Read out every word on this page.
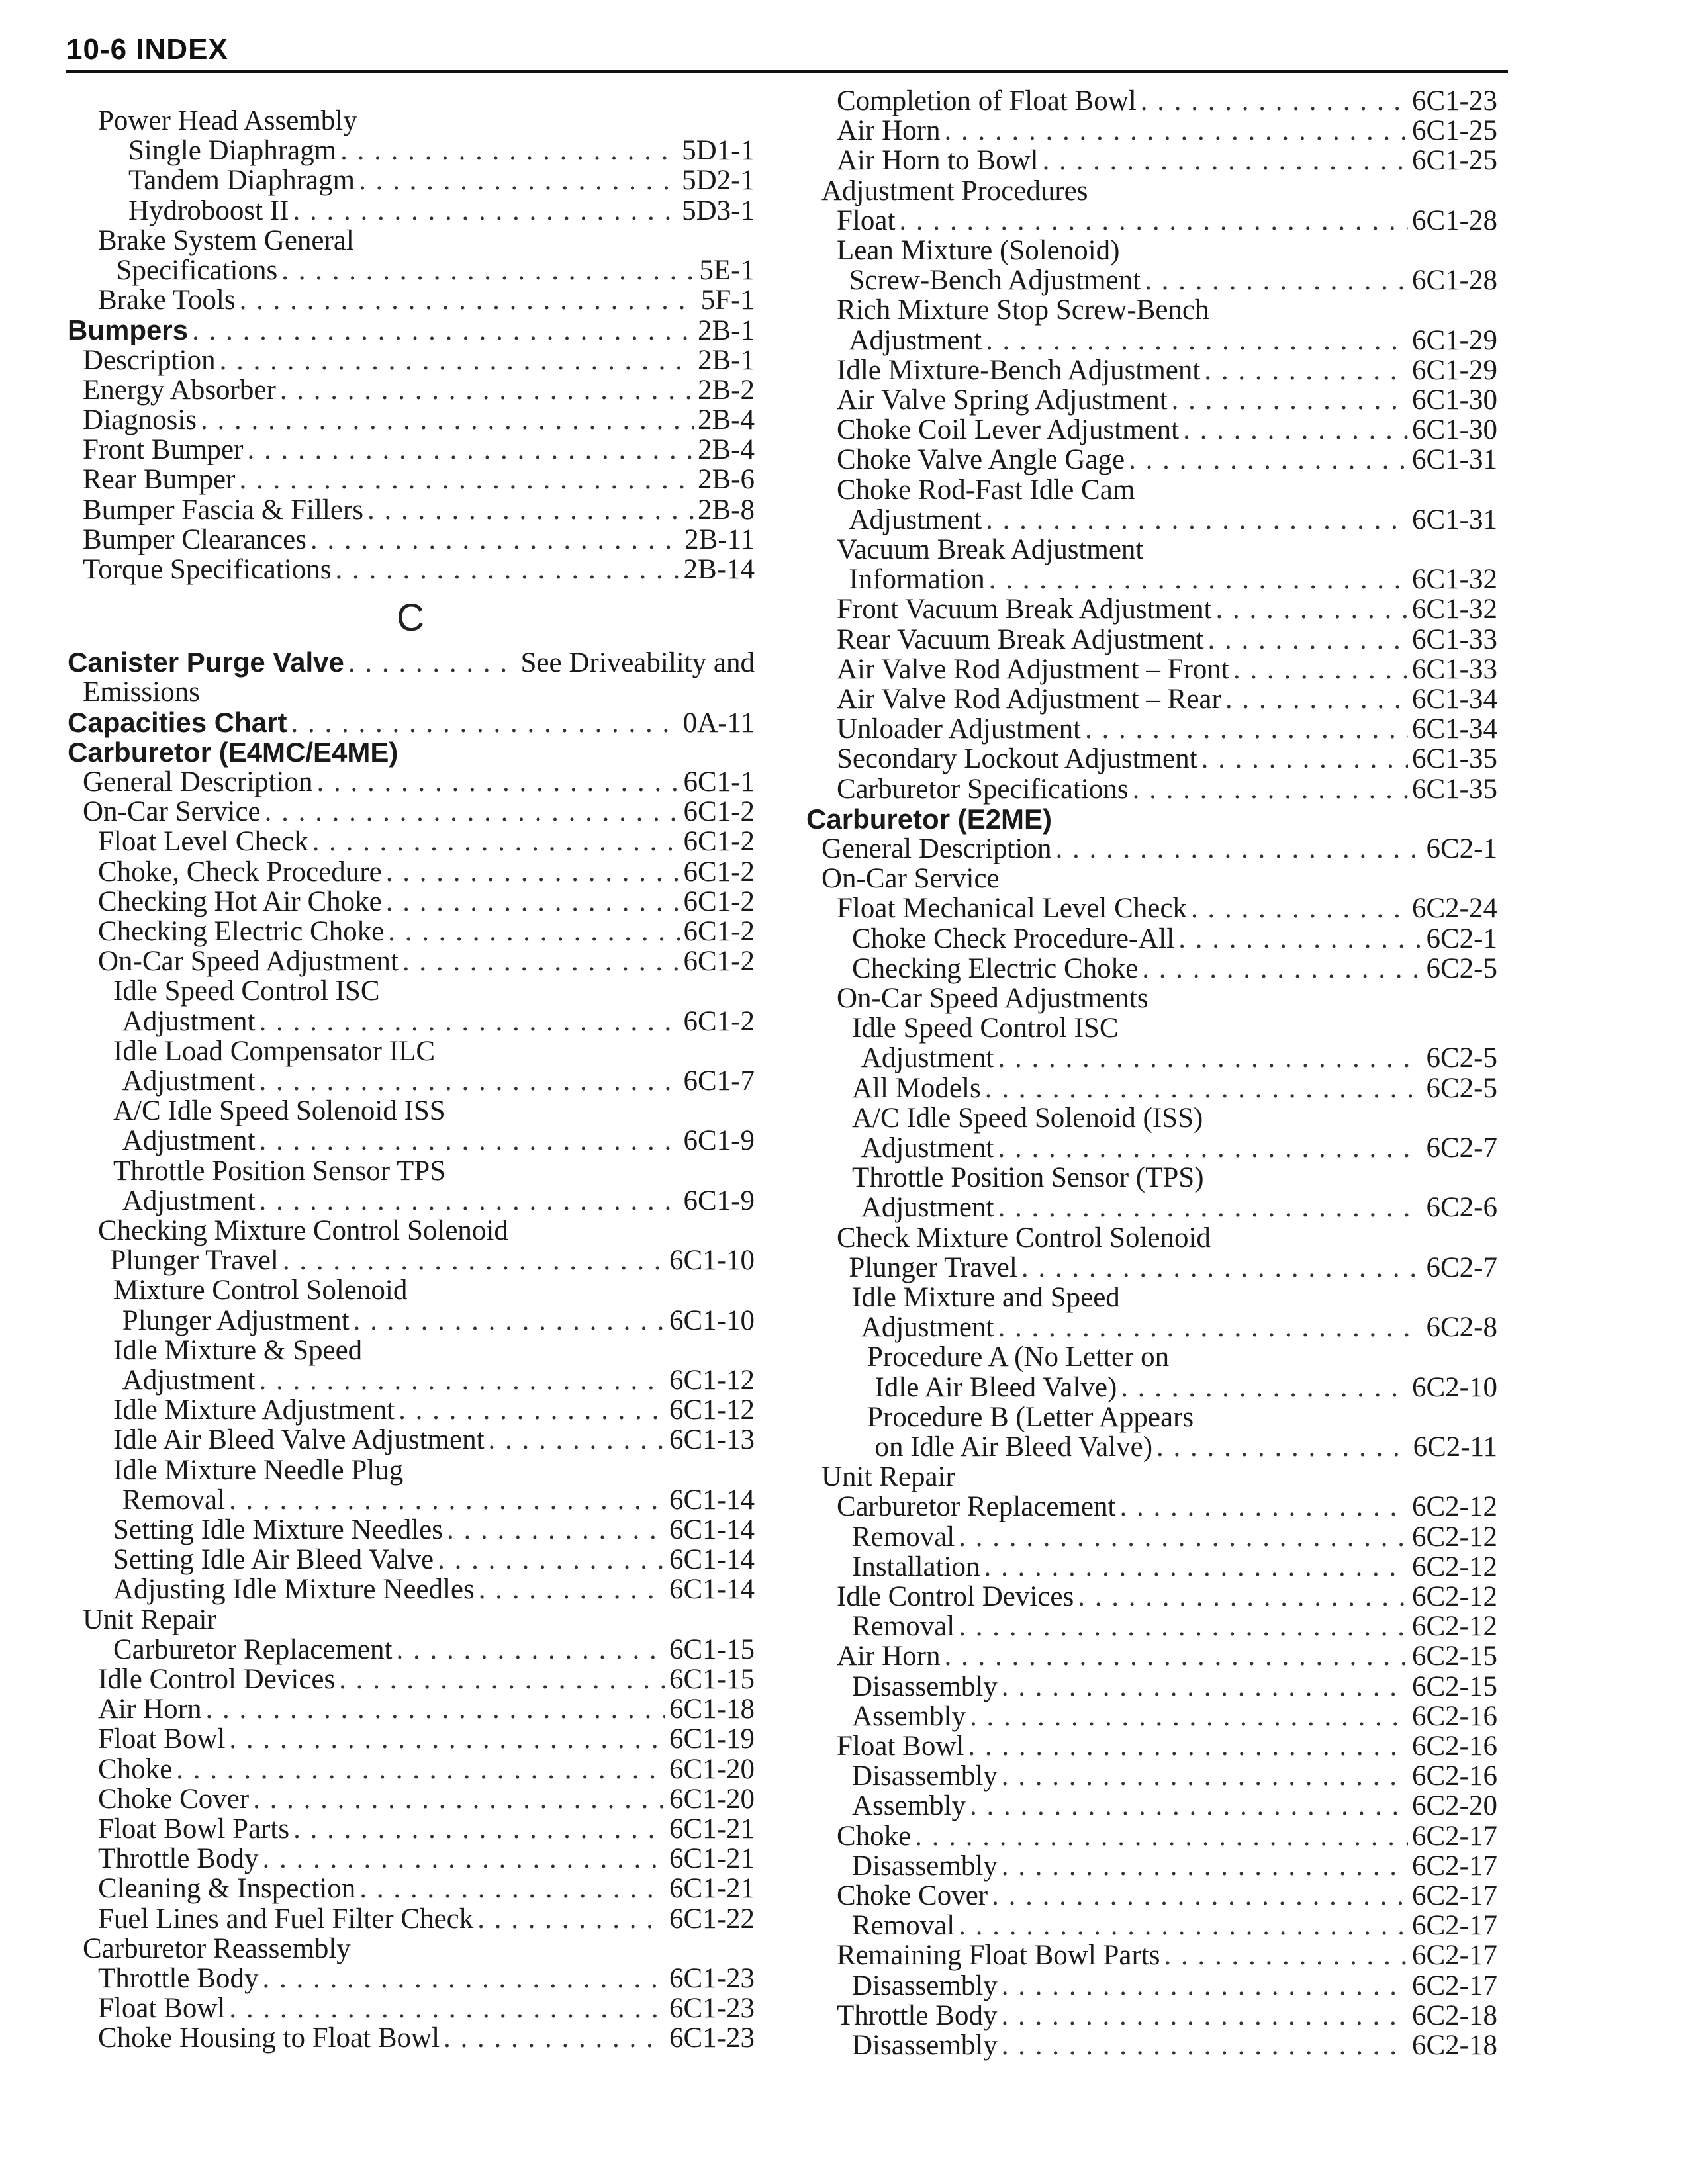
10-6 INDEX
Power Head Assembly
Single Diaphragm . . .	5D1-1
Tandem Diaphragm . . .	5D2-1
Hydroboost II . . .	5D3-1
Brake System General
Specifications . . .	5E-1
Brake Tools . . .	5F-1
Bumpers . . .	2B-1
Description . . .	2B-1
Energy Absorber . . .	2B-2
Diagnosis . . .	2B-4
Front Bumper . . .	2B-4
Rear Bumper . . .	2B-6
Bumper Fascia & Fillers . . .	2B-8
Bumper Clearances . . .	2B-11
Torque Specifications . . .	2B-14
Canister Purge Valve . . .	See Driveability and
Emissions
Capacities Chart . . .	0A-11
Carburetor (E4MC/E4ME)
General Description . . .	6C1-1
On-Car Service . . .	6C1-2
Float Level Check . . .	6C1-2
Choke, Check Procedure . . .	6C1-2
Checking Hot Air Choke . . .	6C1-2
Checking Electric Choke . . .	6C1-2
On-Car Speed Adjustment . . .	6C1-2
Idle Speed Control ISC
Adjustment . . .	6C1-2
Idle Load Compensator ILC
Adjustment . . .	6C1-7
A/C Idle Speed Solenoid ISS
Adjustment . . .	6C1-9
Throttle Position Sensor TPS
Adjustment . . .	6C1-9
Checking Mixture Control Solenoid
Plunger Travel . . .	6C1-10
Mixture Control Solenoid
Plunger Adjustment . . .	6C1-10
Idle Mixture & Speed
Adjustment . . .	6C1-12
Idle Mixture Adjustment . . .	6C1-12
Idle Air Bleed Valve Adjustment . . .	6C1-13
Idle Mixture Needle Plug
Removal . . .	6C1-14
Setting Idle Mixture Needles . . .	6C1-14
Setting Idle Air Bleed Valve . . .	6C1-14
Adjusting Idle Mixture Needles . . .	6C1-14
Unit Repair
Carburetor Replacement . . .	6C1-15
Idle Control Devices . . .	6C1-15
Air Horn . . .	6C1-18
Float Bowl . . .	6C1-19
Choke . . .	6C1-20
Choke Cover . . .	6C1-20
Float Bowl Parts . . .	6C1-21
Throttle Body . . .	6C1-21
Cleaning & Inspection . . .	6C1-21
Fuel Lines and Fuel Filter Check . . .	6C1-22
Carburetor Reassembly
Throttle Body . . .	6C1-23
Float Bowl . . .	6C1-23
Choke Housing to Float Bowl . . .	6C1-23
C
Completion of Float Bowl . . .	6C1-23
Air Horn . . .	6C1-25
Air Horn to Bowl . . .	6C1-25
Adjustment Procedures
Float . . .	6C1-28
Lean Mixture (Solenoid)
Screw-Bench Adjustment . . .	6C1-28
Rich Mixture Stop Screw-Bench
Adjustment . . .	6C1-29
Idle Mixture-Bench Adjustment . . .	6C1-29
Air Valve Spring Adjustment . . .	6C1-30
Choke Coil Lever Adjustment . . .	6C1-30
Choke Valve Angle Gage . . .	6C1-31
Choke Rod-Fast Idle Cam
Adjustment . . .	6C1-31
Vacuum Break Adjustment
Information . . .	6C1-32
Front Vacuum Break Adjustment . . .	6C1-32
Rear Vacuum Break Adjustment . . .	6C1-33
Air Valve Rod Adjustment – Front . . .	6C1-33
Air Valve Rod Adjustment – Rear . . .	6C1-34
Unloader Adjustment . . .	6C1-34
Secondary Lockout Adjustment . . .	6C1-35
Carburetor Specifications . . .	6C1-35
Carburetor (E2ME)
General Description . . .	6C2-1
On-Car Service
Float Mechanical Level Check . . .	6C2-24
Choke Check Procedure-All . . .	6C2-1
Checking Electric Choke . . .	6C2-5
On-Car Speed Adjustments
Idle Speed Control ISC
Adjustment . . .	6C2-5
All Models . . .	6C2-5
A/C Idle Speed Solenoid (ISS)
Adjustment . . .	6C2-7
Throttle Position Sensor (TPS)
Adjustment . . .	6C2-6
Check Mixture Control Solenoid
Plunger Travel . . .	6C2-7
Idle Mixture and Speed
Adjustment . . .	6C2-8
Procedure A (No Letter on
Idle Air Bleed Valve) . . .	6C2-10
Procedure B (Letter Appears
on Idle Air Bleed Valve) . . .	6C2-11
Unit Repair
Carburetor Replacement . . .	6C2-12
Removal . . .	6C2-12
Installation . . .	6C2-12
Idle Control Devices . . .	6C2-12
Removal . . .	6C2-12
Air Horn . . .	6C2-15
Disassembly . . .	6C2-15
Assembly . . .	6C2-16
Float Bowl . . .	6C2-16
Disassembly . . .	6C2-16
Assembly . . .	6C2-20
Choke . . .	6C2-17
Disassembly . . .	6C2-17
Choke Cover . . .	6C2-17
Removal . . .	6C2-17
Remaining Float Bowl Parts . . .	6C2-17
Disassembly . . .	6C2-17
Throttle Body . . .	6C2-18
Disassembly . . .	6C2-18
